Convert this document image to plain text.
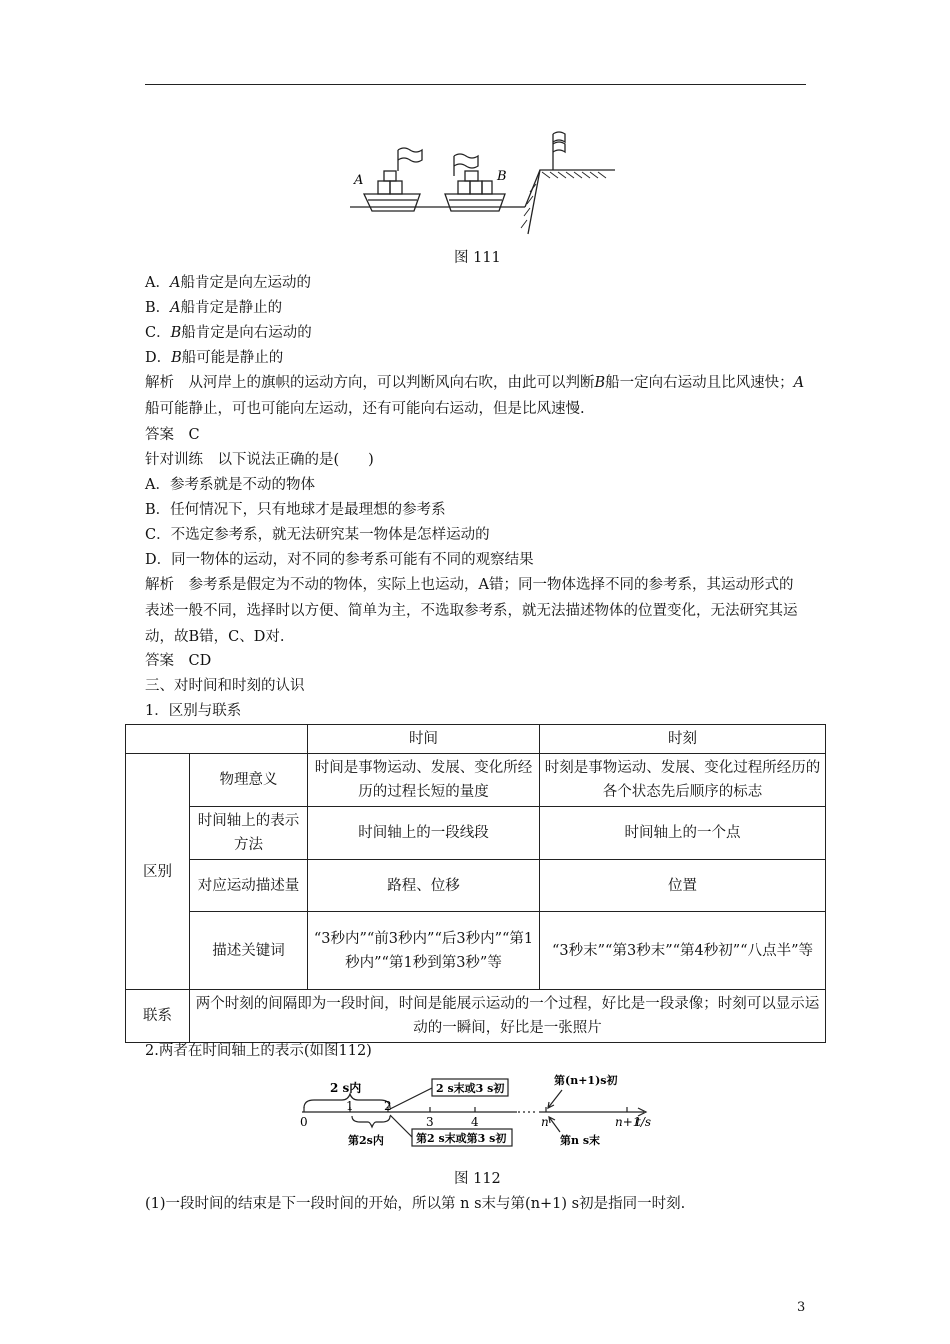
A	B
图 111
A．A船肯定是向左运动的
B．A船肯定是静止的
C．B船肯定是向右运动的
D．B船可能是静止的
解析　 从河岸上的旗帜的运动方向，可以判断风向右吹，由此可以判断B船一定向右运动且比风速快；A船可能静止，可也可能向左运动，还有可能向右运动，但是比风速慢.
答案　C
针对训练　以下说法正确的是(　　)
A．参考系就是不动的物体
B．任何情况下，只有地球才是最理想的参考系
C．不选定参考系，就无法研究某一物体是怎样运动的
D．同一物体的运动，对不同的参考系可能有不同的观察结果
解析　 参考系是假定为不动的物体，实际上也运动，A错；同一物体选择不同的参考系，其运动形式的表述一般不同，选择时以方便、简单为主，不选取参考系，就无法描述物体的位置变化，无法研究其运动，故B错，C、D对.
答案　CD
三、对时间和时刻的认识
1．区别与联系
		时间	时刻
区别	物理意义	时间是事物运动、发展、变化所经历的过程长短的量度	时刻是事物运动、发展、变化过程所经历的各个状态先后顺序的标志
	时间轴上的表示方法	时间轴上的一段线段	时间轴上的一个点
	对应运动描述量	路程、位移	位置
	描述关键词	“3秒内”“前3秒内”“后3秒内”“第1秒内”“第1秒到第3秒”等	“3秒末”“第3秒末”“第4秒初”“八点半”等
联系	两个时刻的间隔即为一段时间，时间是能展示运动的一个过程，好比是一段录像；时刻可以显示运动的一瞬间，好比是一张照片		
2.两者在时间轴上的表示(如图112)
2 s内	2 s末或3 s初
第(n+1)s初
0
1	2
3	4	n	n+1
t/s
第2s内	第2 s末或第3 s初	第n s末
图 112
(1)一段时间的结束是下一段时间的开始，所以第 n s末与第(n+1) s初是指同一时刻.
3
